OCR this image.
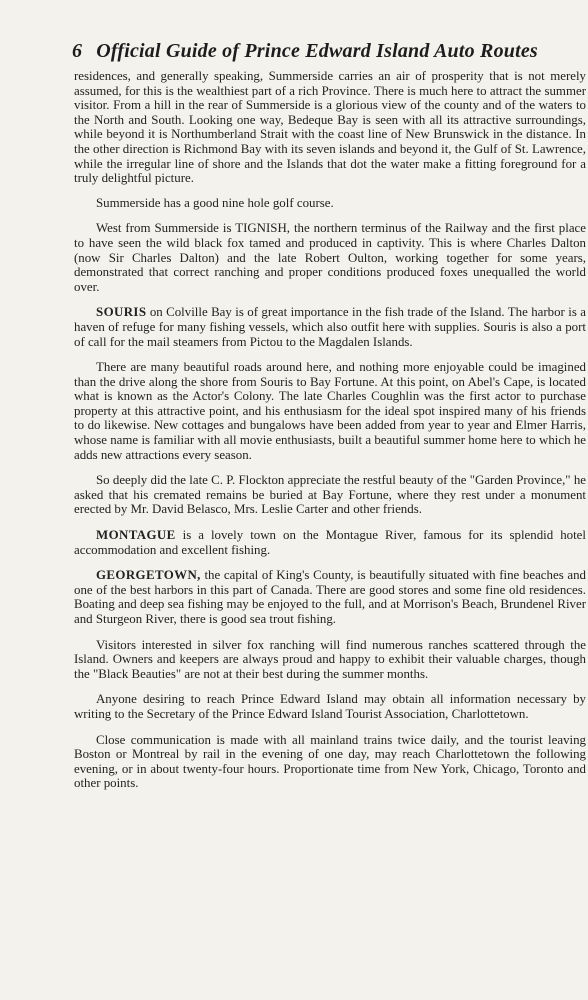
6 Official Guide of Prince Edward Island Auto Routes

residences, and generally speaking, Summerside carries an air of prosperity that is not merely assumed, for this is the wealthiest part of a rich Province. There is much here to attract the summer visitor. From a hill in the rear of Summerside is a glorious view of the county and of the waters to the North and South. Looking one way, Bedeque Bay is seen with all its attractive surroundings, while beyond it is Northumberland Strait with the coast line of New Brunswick in the distance. In the other direction is Richmond Bay with its seven islands and beyond it, the Gulf of St. Lawrence, while the irregular line of shore and the Islands that dot the water make a fitting foreground for a truly delightful picture.

Summerside has a good nine hole golf course.

West from Summerside is TIGNISH, the northern terminus of the Railway and the first place to have seen the wild black fox tamed and produced in captivity. This is where Charles Dalton (now Sir Charles Dalton) and the late Robert Oulton, working together for some years, demonstrated that correct ranching and proper conditions produced foxes unequalled the world over.

SOURIS on Colville Bay is of great importance in the fish trade of the Island. The harbor is a haven of refuge for many fishing vessels, which also outfit here with supplies. Souris is also a port of call for the mail steamers from Pictou to the Magdalen Islands.

There are many beautiful roads around here, and nothing more enjoyable could be imagined than the drive along the shore from Souris to Bay Fortune. At this point, on Abel's Cape, is located what is known as the Actor's Colony. The late Charles Coughlin was the first actor to purchase property at this attractive point, and his enthusiasm for the ideal spot inspired many of his friends to do likewise. New cottages and bungalows have been added from year to year and Elmer Harris, whose name is familiar with all movie enthusiasts, built a beautiful summer home here to which he adds new attractions every season.

So deeply did the late C. P. Flockton appreciate the restful beauty of the "Garden Province," he asked that his cremated remains be buried at Bay Fortune, where they rest under a monument erected by Mr. David Belasco, Mrs. Leslie Carter and other friends.

MONTAGUE is a lovely town on the Montague River, famous for its splendid hotel accommodation and excellent fishing.

GEORGETOWN, the capital of King's County, is beautifully situated with fine beaches and one of the best harbors in this part of Canada. There are good stores and some fine old residences. Boating and deep sea fishing may be enjoyed to the full, and at Morrison's Beach, Brundenel River and Sturgeon River, there is good sea trout fishing.

Visitors interested in silver fox ranching will find numerous ranches scattered through the Island. Owners and keepers are always proud and happy to exhibit their valuable charges, though the "Black Beauties" are not at their best during the summer months.

Anyone desiring to reach Prince Edward Island may obtain all information necessary by writing to the Secretary of the Prince Edward Island Tourist Association, Charlottetown.

Close communication is made with all mainland trains twice daily, and the tourist leaving Boston or Montreal by rail in the evening of one day, may reach Charlottetown the following evening, or in about twenty-four hours. Proportionate time from New York, Chicago, Toronto and other points.
